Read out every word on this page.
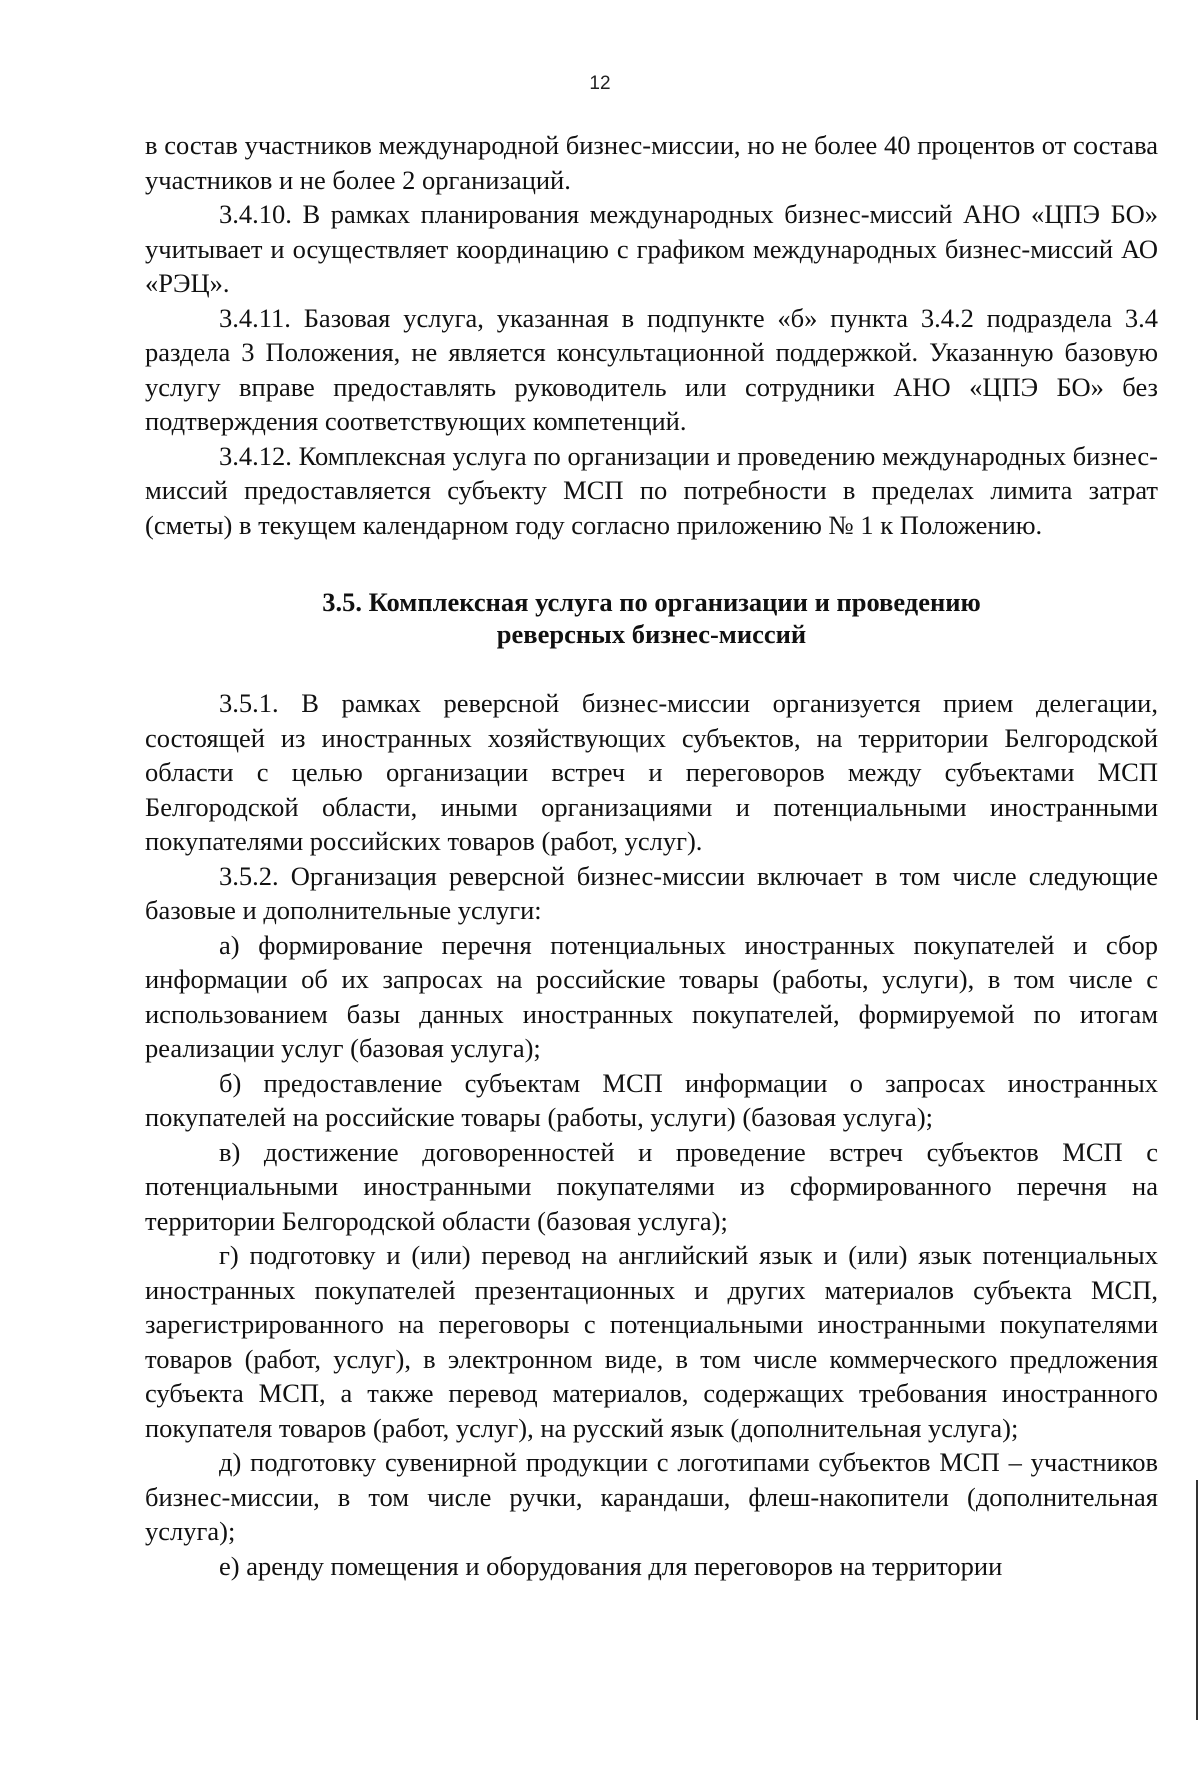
12

в состав участников международной бизнес-миссии, но не более 40 процентов от состава участников и не более 2 организаций.

3.4.10. В рамках планирования международных бизнес-миссий АНО «ЦПЭ БО» учитывает и осуществляет координацию с графиком международных бизнес-миссий АО «РЭЦ».

3.4.11. Базовая услуга, указанная в подпункте «б» пункта 3.4.2 подраздела 3.4 раздела 3 Положения, не является консультационной поддержкой. Указанную базовую услугу вправе предоставлять руководитель или сотрудники АНО «ЦПЭ БО» без подтверждения соответствующих компетенций.

3.4.12. Комплексная услуга по организации и проведению международных бизнес-миссий предоставляется субъекту МСП по потребности в пределах лимита затрат (сметы) в текущем календарном году согласно приложению № 1 к Положению.

3.5. Комплексная услуга по организации и проведению
реверсных бизнес-миссий

3.5.1. В рамках реверсной бизнес-миссии организуется прием делегации, состоящей из иностранных хозяйствующих субъектов, на территории Белгородской области с целью организации встреч и переговоров между субъектами МСП Белгородской области, иными организациями и потенциальными иностранными покупателями российских товаров (работ, услуг).

3.5.2. Организация реверсной бизнес-миссии включает в том числе следующие базовые и дополнительные услуги:

а) формирование перечня потенциальных иностранных покупателей и сбор информации об их запросах на российские товары (работы, услуги), в том числе с использованием базы данных иностранных покупателей, формируемой по итогам реализации услуг (базовая услуга);

б) предоставление субъектам МСП информации о запросах иностранных покупателей на российские товары (работы, услуги) (базовая услуга);

в) достижение договоренностей и проведение встреч субъектов МСП с потенциальными иностранными покупателями из сформированного перечня на территории Белгородской области (базовая услуга);

г) подготовку и (или) перевод на английский язык и (или) язык потенциальных иностранных покупателей презентационных и других материалов субъекта МСП, зарегистрированного на переговоры с потенциальными иностранными покупателями товаров (работ, услуг), в электронном виде, в том числе коммерческого предложения субъекта МСП, а также перевод материалов, содержащих требования иностранного покупателя товаров (работ, услуг), на русский язык (дополнительная услуга);

д) подготовку сувенирной продукции с логотипами субъектов МСП – участников бизнес-миссии, в том числе ручки, карандаши, флеш-накопители (дополнительная услуга);

е) аренду помещения и оборудования для переговоров на территории
